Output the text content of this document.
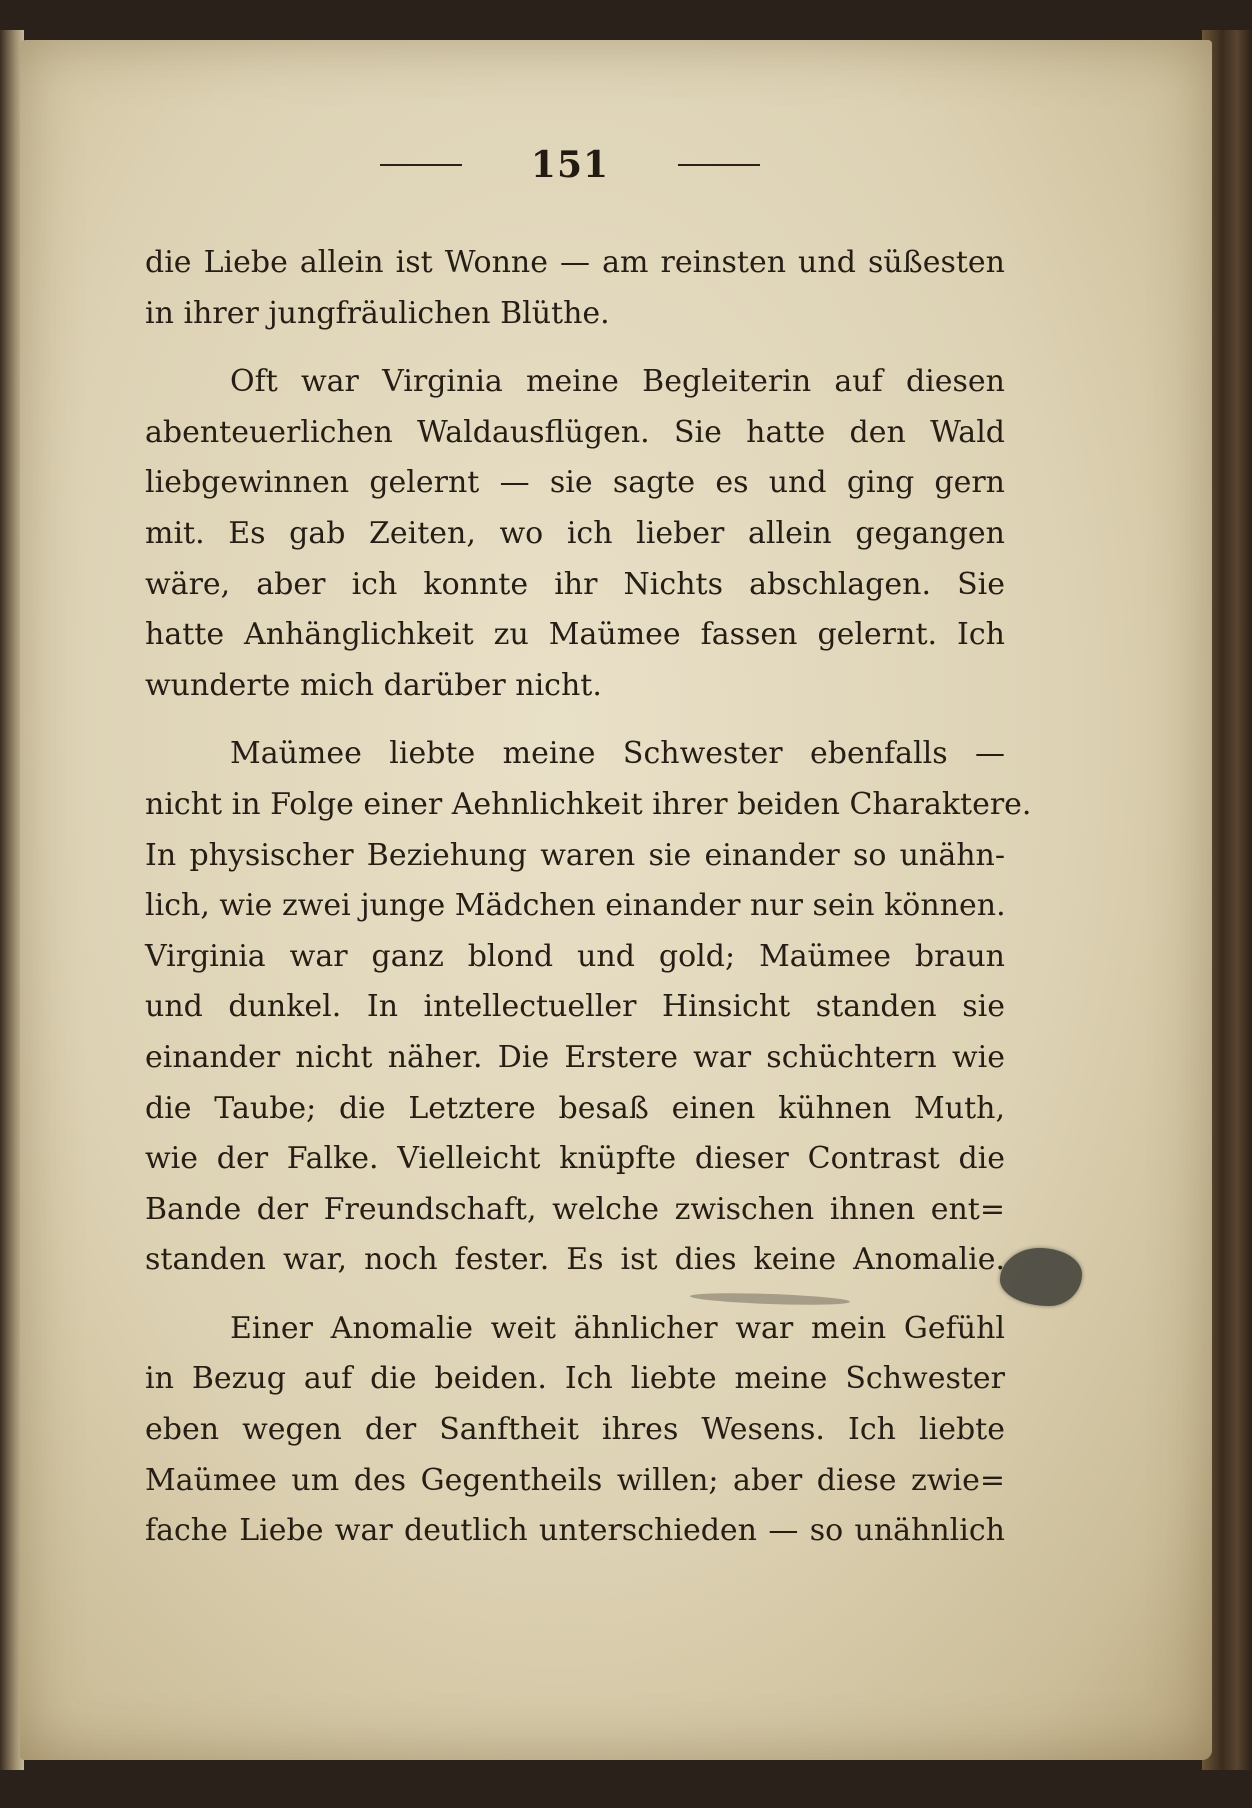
151

die Liebe allein ist Wonne — am reinsten und süßesten
in ihrer jungfräulichen Blüthe.

Oft war Virginia meine Begleiterin auf diesen
abenteuerlichen Waldausflügen. Sie hatte den Wald
liebgewinnen gelernt — sie sagte es und ging gern
mit. Es gab Zeiten, wo ich lieber allein gegangen
wäre, aber ich konnte ihr Nichts abschlagen. Sie
hatte Anhänglichkeit zu Maümee fassen gelernt. Ich
wunderte mich darüber nicht.

Maümee liebte meine Schwester ebenfalls —
nicht in Folge einer Aehnlichkeit ihrer beiden Charaktere.
In physischer Beziehung waren sie einander so unähn-
lich, wie zwei junge Mädchen einander nur sein können.
Virginia war ganz blond und gold; Maümee braun
und dunkel. In intellectueller Hinsicht standen sie
einander nicht näher. Die Erstere war schüchtern wie
die Taube; die Letztere besaß einen kühnen Muth,
wie der Falke. Vielleicht knüpfte dieser Contrast die
Bande der Freundschaft, welche zwischen ihnen ent=
standen war, noch fester. Es ist dies keine Anomalie.

Einer Anomalie weit ähnlicher war mein Gefühl
in Bezug auf die beiden. Ich liebte meine Schwester
eben wegen der Sanftheit ihres Wesens. Ich liebte
Maümee um des Gegentheils willen; aber diese zwie=
fache Liebe war deutlich unterschieden — so unähnlich
